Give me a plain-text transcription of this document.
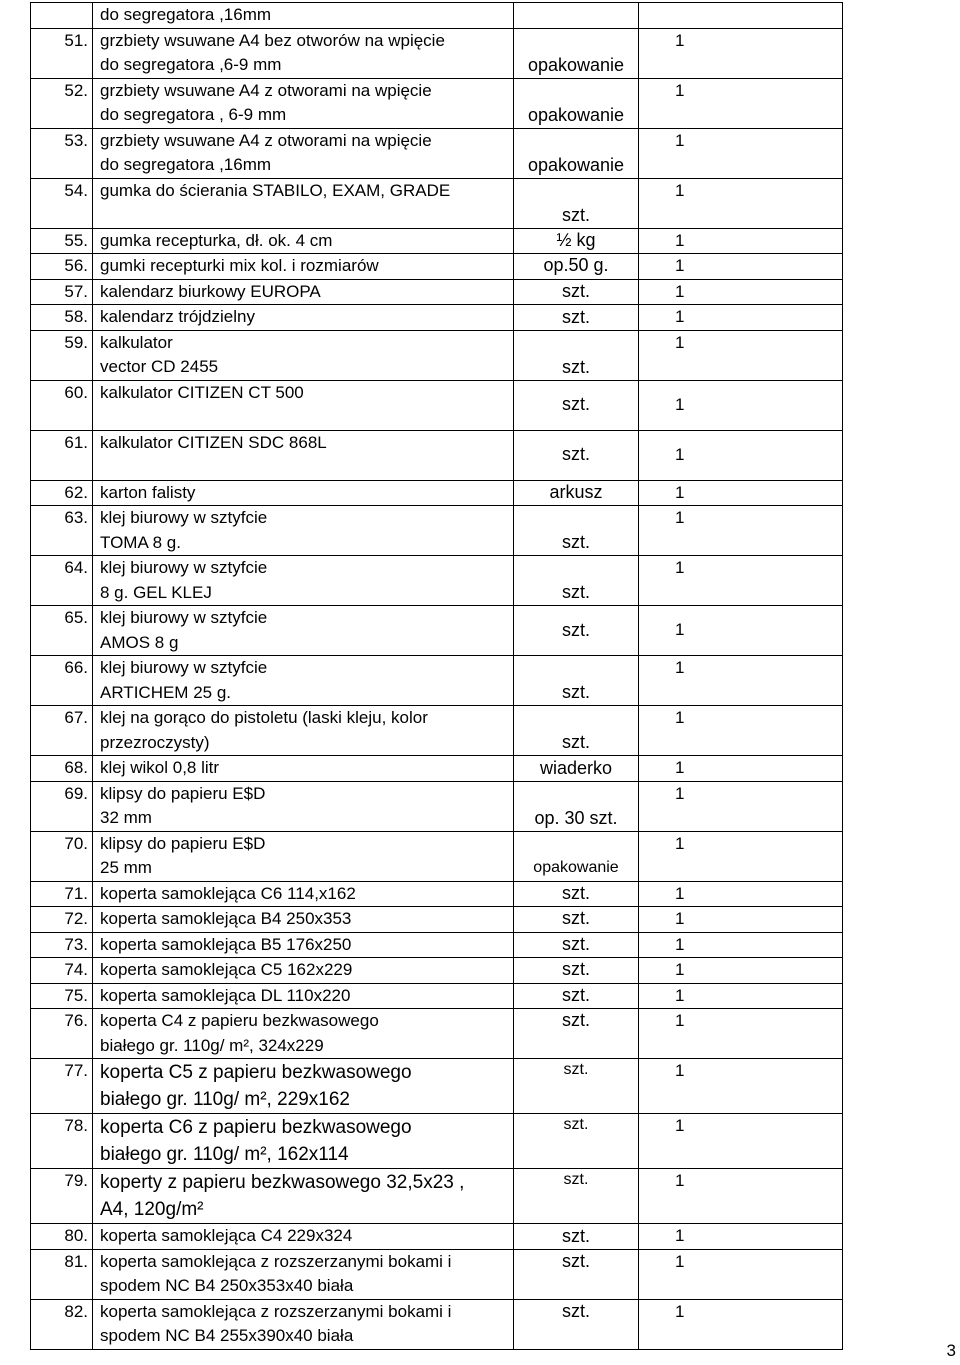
	do segregatora ,16mm		

51.	grzbiety wsuwane A4 bez otworów na wpięcie
do segregatora ,6-9 mm	opakowanie	1
52.	grzbiety wsuwane A4 z otworami na wpięcie
do segregatora , 6-9 mm	opakowanie	1
53.	grzbiety wsuwane A4 z otworami na wpięcie
do segregatora ,16mm	opakowanie	1
54.	gumka do ścierania STABILO, EXAM, GRADE	szt.	1
55.	gumka recepturka, dł. ok. 4 cm	½ kg	1
56.	gumki recepturki mix kol. i rozmiarów	op.50 g.	1
57.	kalendarz biurkowy EUROPA	szt.	1
58.	kalendarz trójdzielny	szt.	1
59.	kalkulator
vector CD 2455	szt.	1
60.	kalkulator CITIZEN CT 500	szt.	1
61.	kalkulator CITIZEN SDC 868L	szt.	1
62.	karton falisty	arkusz	1
63.	klej biurowy w sztyfcie
TOMA 8 g.	szt.	1
64.	klej biurowy w sztyfcie
8 g. GEL KLEJ	szt.	1
65.	klej biurowy w sztyfcie
AMOS 8 g	szt.	1
66.	klej biurowy w sztyfcie
ARTICHEM 25 g.	szt.	1
67.	klej na gorąco do pistoletu (laski kleju, kolor
przezroczysty)	szt.	1
68.	klej wikol 0,8 litr	wiaderko	1
69.	klipsy do papieru E$D
32 mm	op. 30 szt.	1
70.	klipsy do papieru E$D
25 mm	opakowanie	1
71.	koperta samoklejąca C6 114,x162	szt.	1
72.	koperta samoklejąca B4 250x353	szt.	1
73.	koperta samoklejąca B5 176x250	szt.	1
74.	koperta samoklejąca C5 162x229	szt.	1
75.	koperta samoklejąca DL 110x220	szt.	1
76.	koperta C4 z papieru bezkwasowego
białego gr. 110g/ m², 324x229	szt.	1
77.	koperta C5 z papieru bezkwasowego
białego gr. 110g/ m², 229x162	szt.	1
78.	koperta C6 z papieru bezkwasowego
białego gr. 110g/ m², 162x114	szt.	1
79.	koperty z papieru bezkwasowego 32,5x23 ,
A4, 120g/m²	szt.	1
80.	koperta samoklejąca C4 229x324	szt.	1
81.	koperta samoklejąca z rozszerzanymi bokami i
spodem NC B4 250x353x40 biała	szt.	1
82.	koperta samoklejąca z rozszerzanymi bokami i
spodem NC B4 255x390x40 biała	szt.	1
3
